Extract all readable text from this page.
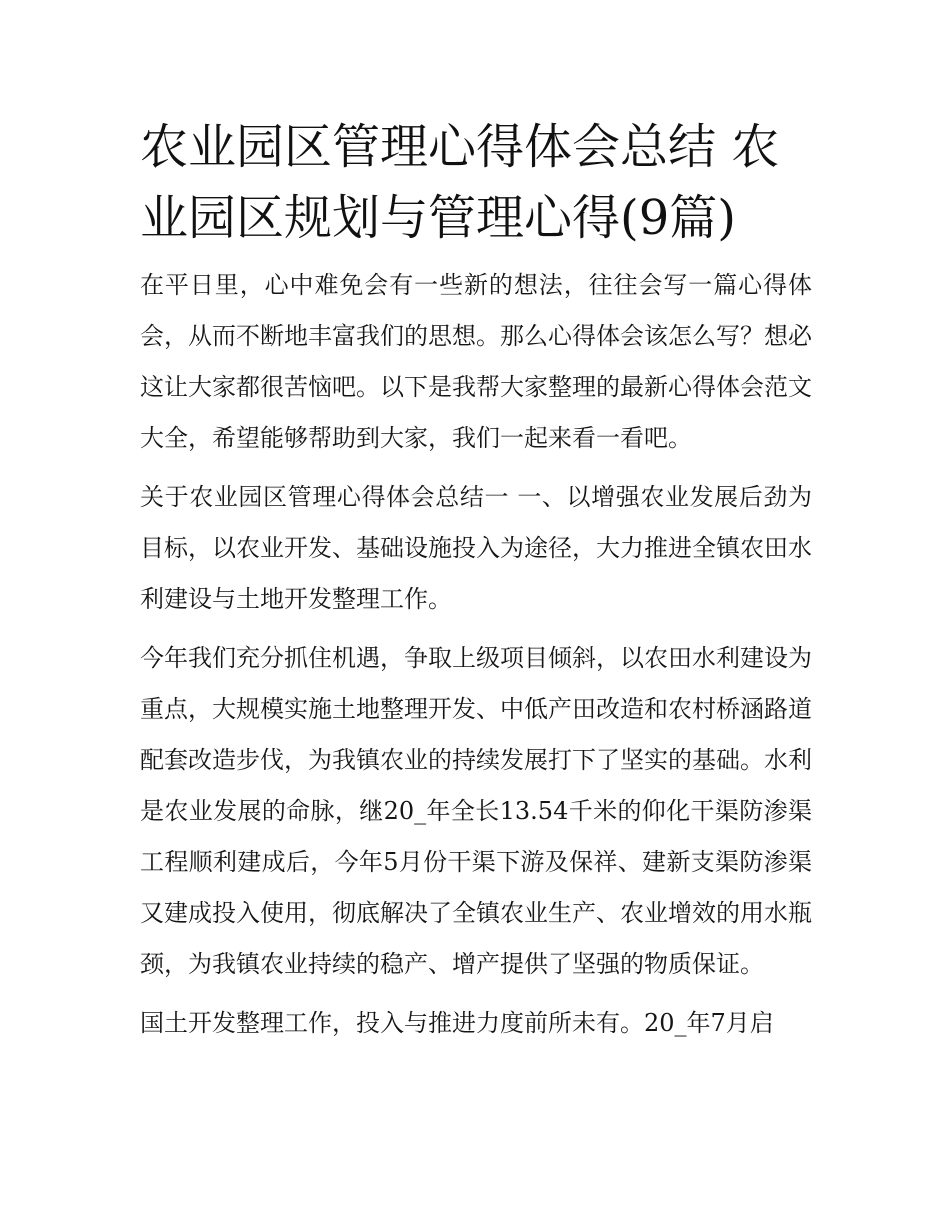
农业园区管理心得体会总结 农业园区规划与管理心得(9篇)

在平日里，心中难免会有一些新的想法，往往会写一篇心得体会，从而不断地丰富我们的思想。那么心得体会该怎么写？想必这让大家都很苦恼吧。以下是我帮大家整理的最新心得体会范文大全，希望能够帮助到大家，我们一起来看一看吧。

关于农业园区管理心得体会总结一 一、以增强农业发展后劲为目标，以农业开发、基础设施投入为途径，大力推进全镇农田水利建设与土地开发整理工作。

今年我们充分抓住机遇，争取上级项目倾斜，以农田水利建设为重点，大规模实施土地整理开发、中低产田改造和农村桥涵路道配套改造步伐，为我镇农业的持续发展打下了坚实的基础。水利是农业发展的命脉，继20_年全长13.54千米的仰化干渠防渗渠工程顺利建成后，今年5月份干渠下游及保祥、建新支渠防渗渠又建成投入使用，彻底解决了全镇农业生产、农业增效的用水瓶颈，为我镇农业持续的稳产、增产提供了坚强的物质保证。

国土开发整理工作，投入与推进力度前所未有。20_年7月启
